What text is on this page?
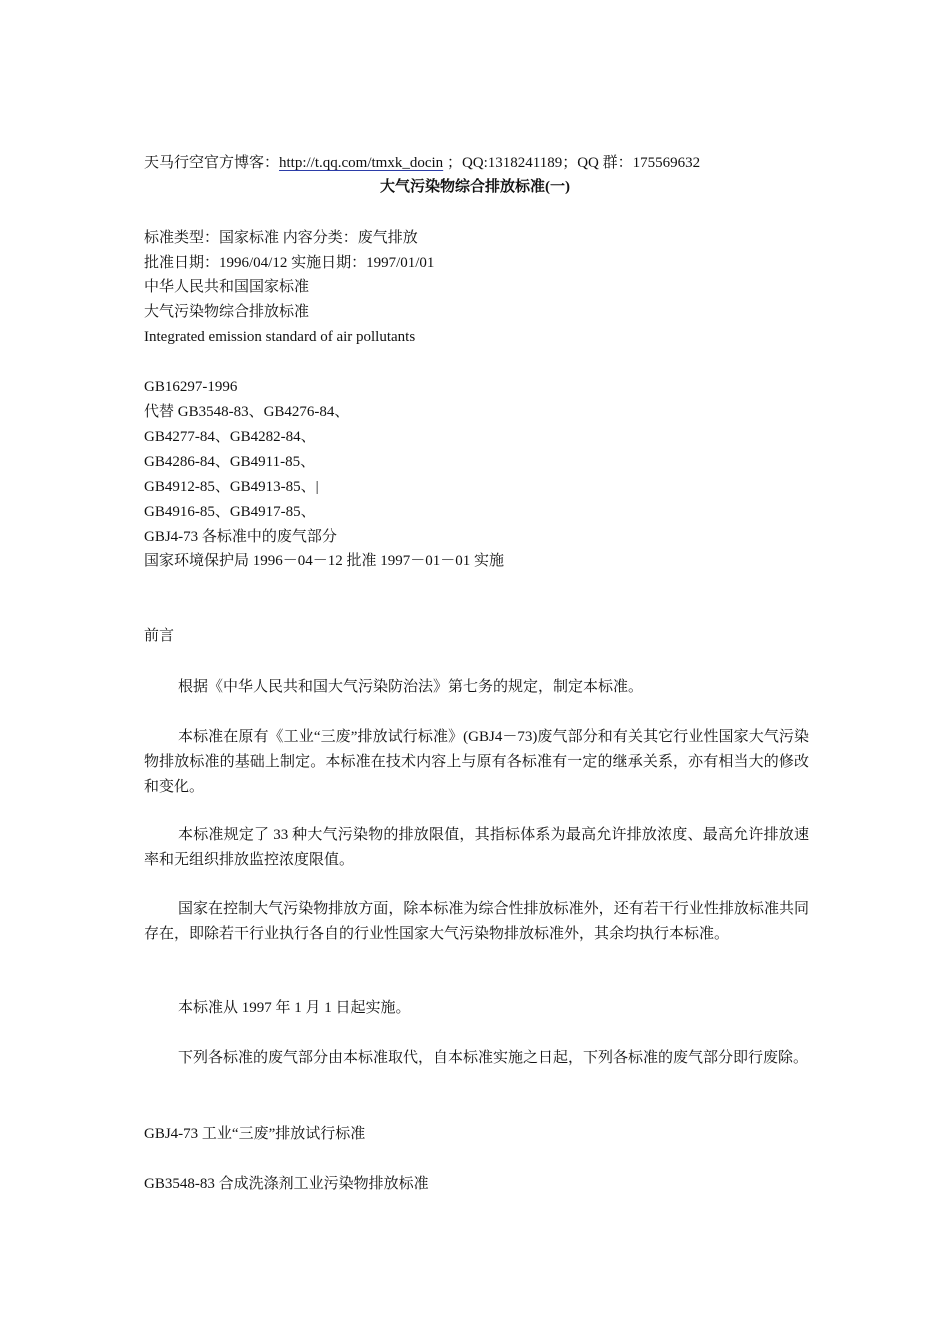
天马行空官方博客：http://t.qq.com/tmxk_docin ；QQ:1318241189；QQ 群：175569632
大气污染物综合排放标准(一)
标准类型：国家标准 内容分类：废气排放
批准日期：1996/04/12 实施日期：1997/01/01
中华人民共和国国家标准
大气污染物综合排放标准
Integrated emission standard of air pollutants
GB16297-1996
代替 GB3548-83、GB4276-84、
GB4277-84、GB4282-84、
GB4286-84、GB4911-85、
GB4912-85、GB4913-85、|
GB4916-85、GB4917-85、
GBJ4-73 各标准中的废气部分
国家环境保护局 1996－04－12 批准 1997－01－01 实施
前言
根据《中华人民共和国大气污染防治法》第七务的规定，制定本标准。
本标准在原有《工业“三废”排放试行标准》(GBJ4－73)废气部分和有关其它行业性国家大气污染物排放标准的基础上制定。本标准在技术内容上与原有各标准有一定的继承关系，亦有相当大的修改和变化。
本标准规定了 33 种大气污染物的排放限值，其指标体系为最高允许排放浓度、最高允许排放速率和无组织排放监控浓度限值。
国家在控制大气污染物排放方面，除本标准为综合性排放标准外，还有若干行业性排放标准共同存在，即除若干行业执行各自的行业性国家大气污染物排放标准外，其余均执行本标准。
本标准从 1997 年 1 月 1 日起实施。
下列各标准的废气部分由本标准取代，自本标准实施之日起，下列各标准的废气部分即行废除。
GBJ4-73 工业“三废”排放试行标准
GB3548-83 合成洗涤剂工业污染物排放标准
